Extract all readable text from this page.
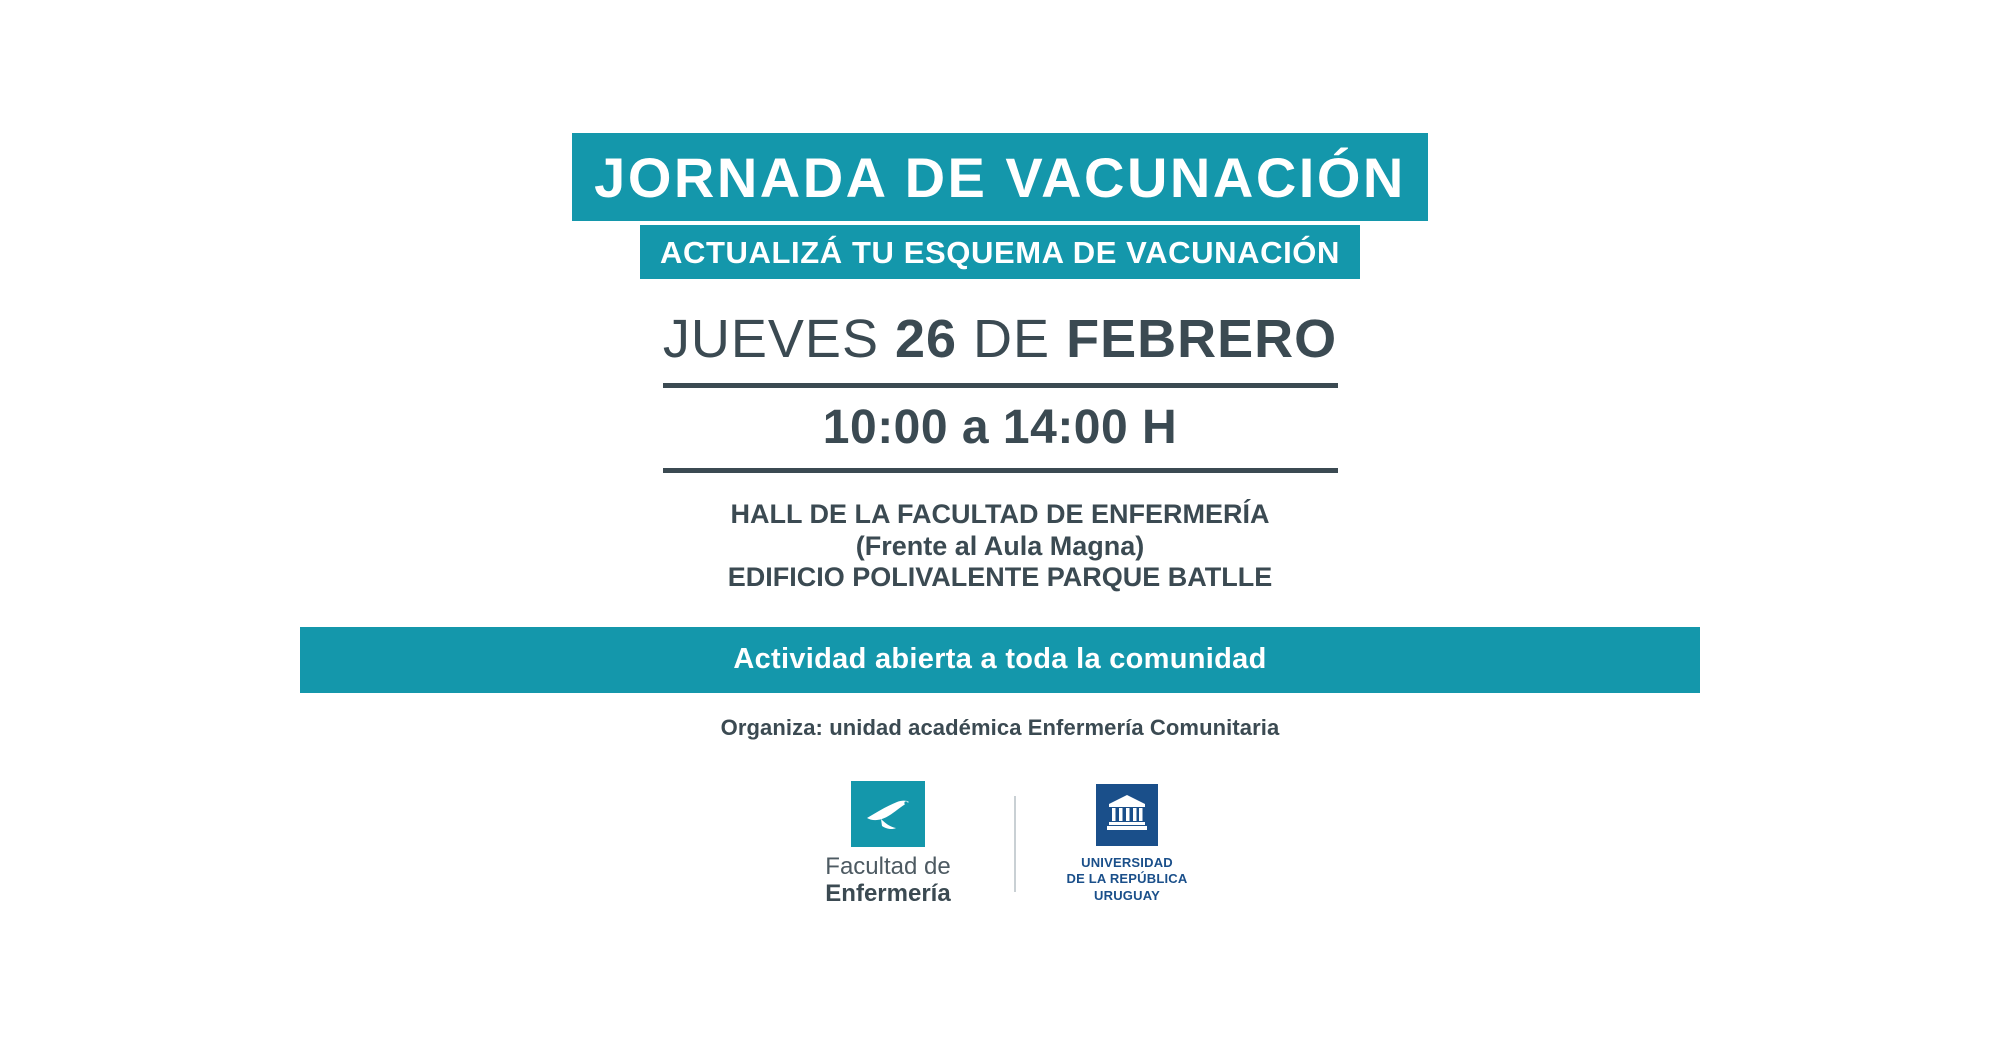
JORNADA DE VACUNACIÓN
ACTUALIZÁ TU ESQUEMA DE VACUNACIÓN
JUEVES 26 DE FEBRERO
10:00 a 14:00 H
HALL DE LA FACULTAD DE ENFERMERÍA
(Frente al Aula Magna)
EDIFICIO POLIVALENTE PARQUE BATLLE
Actividad abierta a toda la comunidad
Organiza: unidad académica Enfermería Comunitaria
Facultad de
Enfermería
UNIVERSIDAD
DE LA REPÚBLICA
URUGUAY
